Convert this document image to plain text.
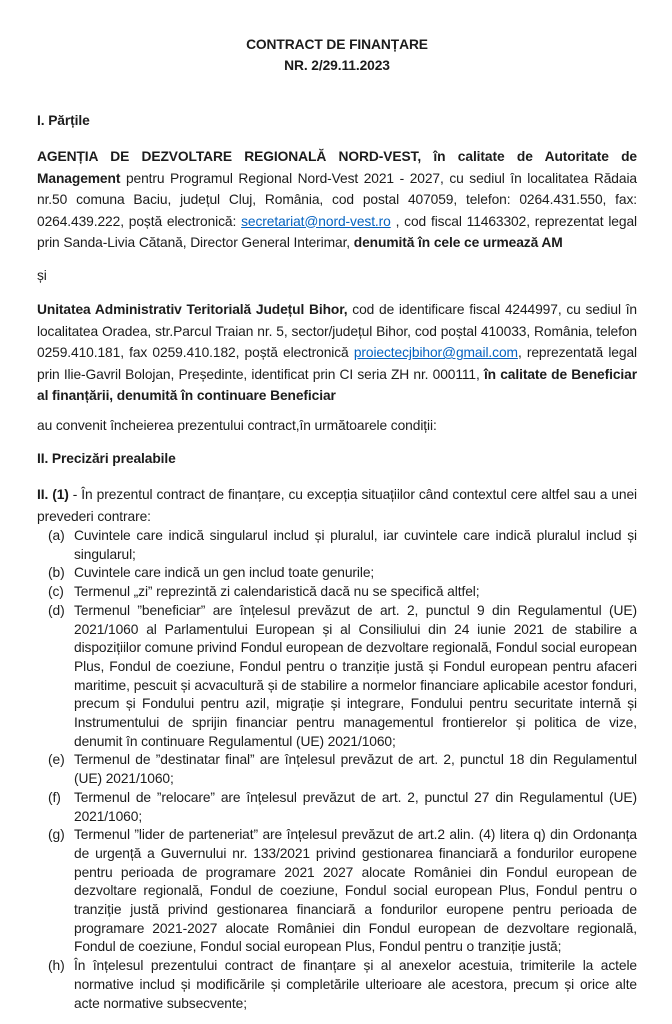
CONTRACT DE FINANȚARE
NR. 2/29.11.2023
I. Părțile

AGENȚIA DE DEZVOLTARE REGIONALĂ NORD-VEST, în calitate de Autoritate de Management pentru Programul Regional Nord-Vest 2021 - 2027, cu sediul în localitatea Rădaia nr.50 comuna Baciu, județul Cluj, România, cod postal 407059, telefon: 0264.431.550, fax: 0264.439.222, poștă electronică: secretariat@nord-vest.ro , cod fiscal 11463302, reprezentat legal prin Sanda-Livia Cătană, Director General Interimar, denumită în cele ce urmează AM

și

Unitatea Administrativ Teritorială Județul Bihor, cod de identificare fiscal 4244997, cu sediul în localitatea Oradea, str.Parcul Traian nr. 5, sector/județul Bihor, cod poștal 410033, România, telefon 0259.410.181, fax 0259.410.182, poștă electronică proiectecjbihor@gmail.com, reprezentată legal prin Ilie-Gavril Bolojan, Președinte, identificat prin CI seria ZH nr. 000111, în calitate de Beneficiar al finanțării, denumită în continuare Beneficiar

au convenit încheierea prezentului contract,în următoarele condiții:

II. Precizări prealabile

II. (1) - În prezentul contract de finanțare, cu excepția situațiilor când contextul cere altfel sau a unei prevederi contrare:

(a) Cuvintele care indică singularul includ și pluralul, iar cuvintele care indică pluralul includ și singularul;
(b) Cuvintele care indică un gen includ toate genurile;
(c) Termenul „zi” reprezintă zi calendaristică dacă nu se specifică altfel;
(d) Termenul ”beneficiar” are înțelesul prevăzut de art. 2, punctul 9 din Regulamentul (UE) 2021/1060 al Parlamentului European și al Consiliului din 24 iunie 2021 de stabilire a dispozițiilor comune privind Fondul european de dezvoltare regională, Fondul social european Plus, Fondul de coeziune, Fondul pentru o tranziție justă și Fondul european pentru afaceri maritime, pescuit și acvacultură și de stabilire a normelor financiare aplicabile acestor fonduri, precum și Fondului pentru azil, migrație și integrare, Fondului pentru securitate internă și Instrumentului de sprijin financiar pentru managementul frontierelor și politica de vize, denumit în continuare Regulamentul (UE) 2021/1060;
(e) Termenul de ”destinatar final” are înțelesul prevăzut de art. 2, punctul 18 din Regulamentul (UE) 2021/1060;
(f) Termenul de ”relocare” are înțelesul prevăzut de art. 2, punctul 27 din Regulamentul (UE) 2021/1060;
(g) Termenul ”lider de parteneriat” are înțelesul prevăzut de art.2 alin. (4) litera q) din Ordonanța de urgență a Guvernului nr. 133/2021 privind gestionarea financiară a fondurilor europene pentru perioada de programare 2021 2027 alocate României din Fondul european de dezvoltare regională, Fondul de coeziune, Fondul social european Plus, Fondul pentru o tranziție justă privind gestionarea financiară a fondurilor europene pentru perioada de programare 2021-2027 alocate României din Fondul european de dezvoltare regională, Fondul de coeziune, Fondul social european Plus, Fondul pentru o tranziție justă;
(h) În înțelesul prezentului contract de finanțare și al anexelor acestuia, trimiterile la actele normative includ și modificările și completările ulterioare ale acestora, precum și orice alte acte normative subsecvente;
